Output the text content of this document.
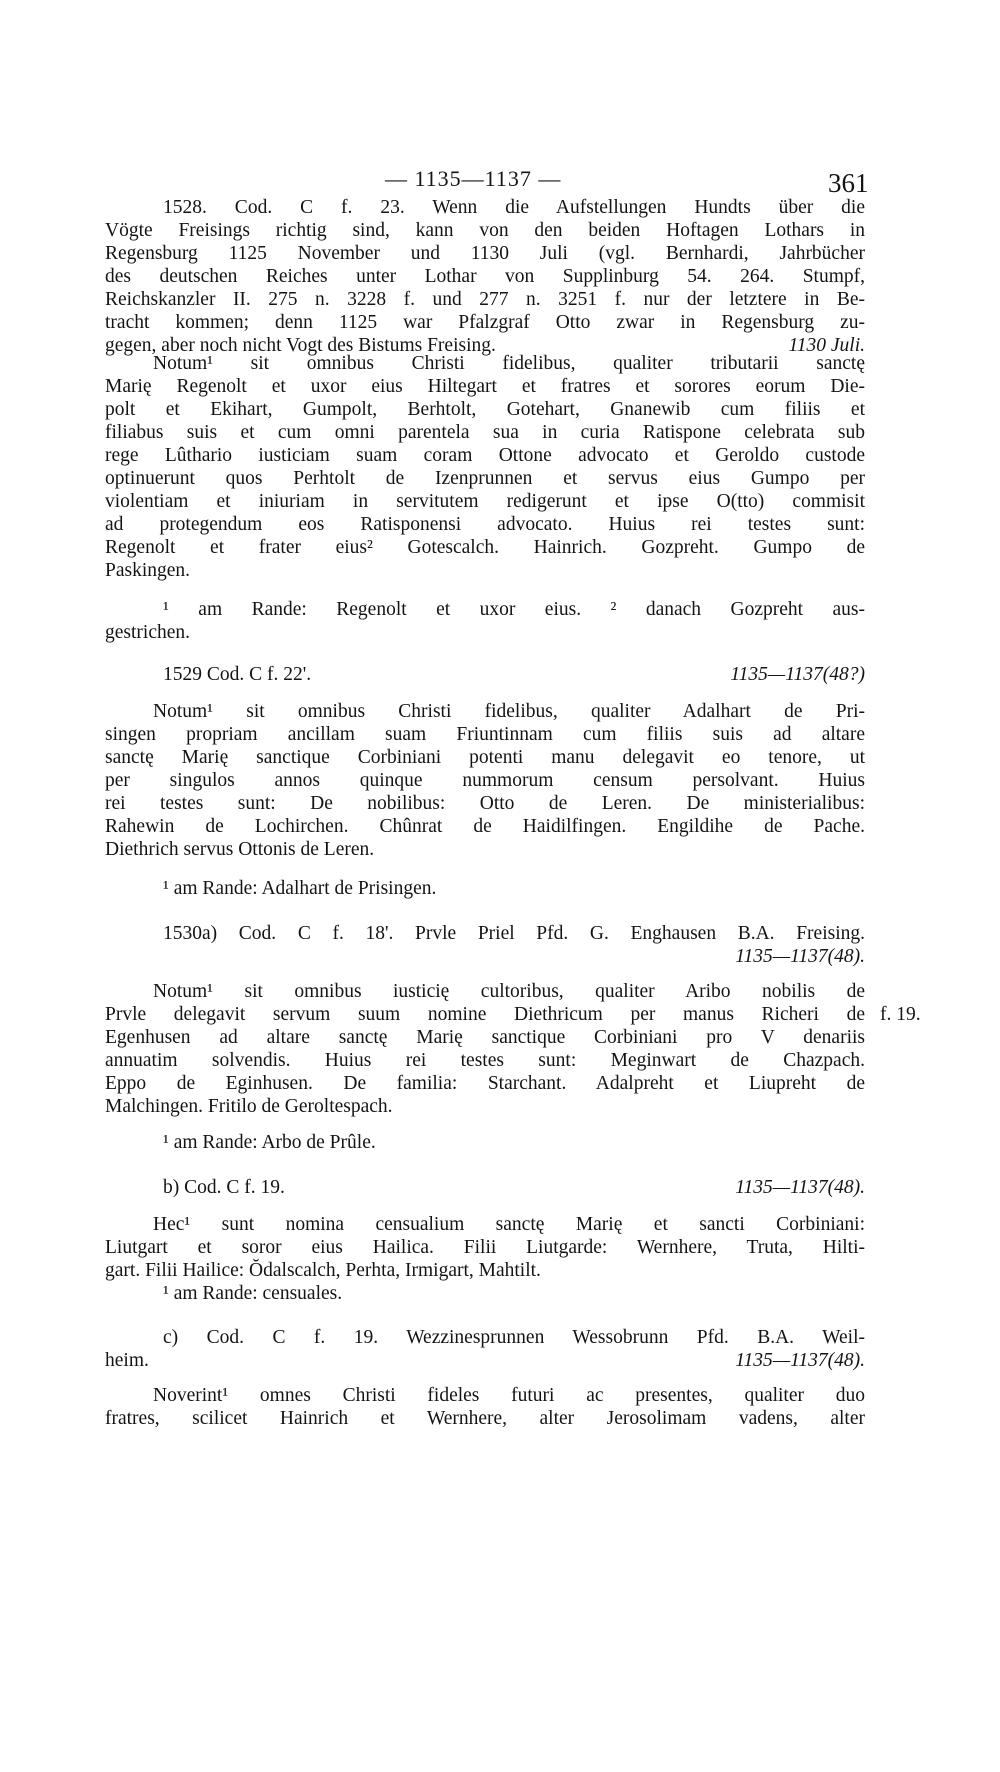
— 1135—1137 —	361
1528. Cod. C f. 23. Wenn die Aufstellungen Hundts über die
Vögte Freisings richtig sind, kann von den beiden Hoftagen Lothars in
Regensburg 1125 November und 1130 Juli (vgl. Bernhardi, Jahrbücher
des deutschen Reiches unter Lothar von Supplinburg 54. 264. Stumpf,
Reichskanzler II. 275 n. 3228 f. und 277 n. 3251 f. nur der letztere in Be-
tracht kommen; denn 1125 war Pfalzgraf Otto zwar in Regensburg zu-
gegen, aber noch nicht Vogt des Bistums Freising.	1130 Juli.
Notum¹ sit omnibus Christi fidelibus, qualiter tributarii sanctę
Marię Regenolt et uxor eius Hiltegart et fratres et sorores eorum Die-
polt et Ekihart, Gumpolt, Berhtolt, Gotehart, Gnanewib cum filiis et
filiabus suis et cum omni parentela sua in curia Ratispone celebrata sub
rege Lûthario iusticiam suam coram Ottone advocato et Geroldo custode
optinuerunt quos Perhtolt de Izenprunnen et servus eius Gumpo per
violentiam et iniuriam in servitutem redigerunt et ipse O(tto) commisit
ad protegendum eos Ratisponensi advocato. Huius rei testes sunt:
Regenolt et frater eius² Gotescalch. Hainrich. Gozpreht. Gumpo de
Paskingen.
¹ am Rande: Regenolt et uxor eius. ² danach Gozpreht aus-
gestrichen.
1529 Cod. C f. 22'.	1135—1137(48?)
Notum¹ sit omnibus Christi fidelibus, qualiter Adalhart de Pri-
singen propriam ancillam suam Friuntinnam cum filiis suis ad altare
sanctę Marię sanctique Corbiniani potenti manu delegavit eo tenore, ut
per singulos annos quinque nummorum censum persolvant. Huius
rei testes sunt: De nobilibus: Otto de Leren. De ministerialibus:
Rahewin de Lochirchen. Chûnrat de Haidilfingen. Engildihe de Pache.
Diethrich servus Ottonis de Leren.
¹ am Rande: Adalhart de Prisingen.
1530a) Cod. C f. 18'. Prvle Priel Pfd. G. Enghausen B.A. Freising.
1135—1137(48).
Notum¹ sit omnibus iusticię cultoribus, qualiter Aribo nobilis de
Prvle delegavit servum suum nomine Diethricum per manus Richeri de
Egenhusen ad altare sanctę Marię sanctique Corbiniani pro V denariis
annuatim solvendis. Huius rei testes sunt: Meginwart de Chazpach.
Eppo de Eginhusen. De familia: Starchant. Adalpreht et Liupreht de
Malchingen. Fritilo de Geroltespach.
f. 19.
¹ am Rande: Arbo de Prûle.
b) Cod. C f. 19.	1135—1137(48).
Hec¹ sunt nomina censualium sanctę Marię et sancti Corbiniani:
Liutgart et soror eius Hailica. Filii Liutgarde: Wernhere, Truta, Hilti-
gart. Filii Hailice: Ŏdalscalch, Perhta, Irmigart, Mahtilt.
¹ am Rande: censuales.
c) Cod. C f. 19. Wezzinesprunnen Wessobrunn Pfd. B.A. Weil-
heim.	1135—1137(48).
Noverint¹ omnes Christi fideles futuri ac presentes, qualiter duo
fratres, scilicet Hainrich et Wernhere, alter Jerosolimam vadens, alter
